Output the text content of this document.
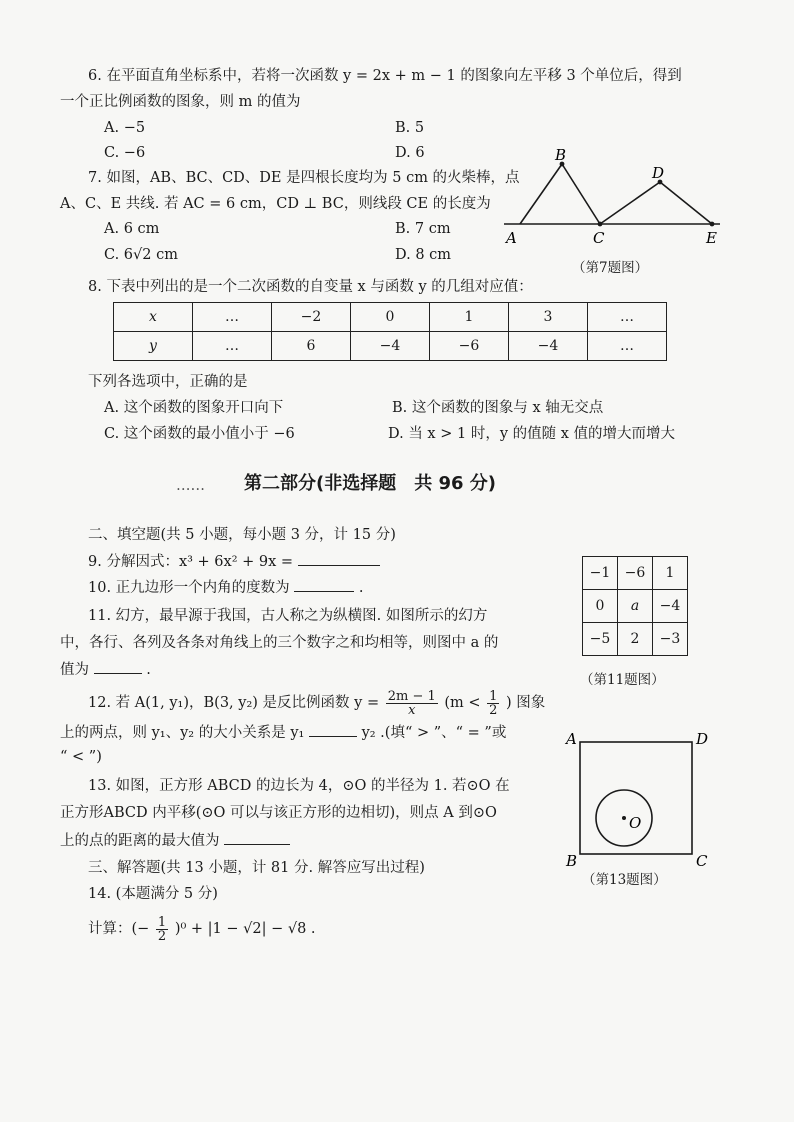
6. 在平面直角坐标系中，若将一次函数 y = 2x + m − 1 的图象向左平移 3 个单位后，得到
一个正比例函数的图象，则 m 的值为
A. −5	B. 5
C. −6	D. 6
7. 如图，AB、BC、CD、DE 是四根长度均为 5 cm 的火柴棒，点
A、C、E 共线. 若 AC = 6 cm，CD ⊥ BC，则线段 CE 的长度为
A. 6 cm	B. 7 cm
C. 6√2 cm	D. 8 cm
A
B
C
D
E
（第7题图）
8. 下表中列出的是一个二次函数的自变量 x 与函数 y 的几组对应值：
x	…	−2	0	1	3	…
y	…	6	−4	−6	−4	…
下列各选项中，正确的是
A. 这个函数的图象开口向下	B. 这个函数的图象与 x 轴无交点
C. 这个函数的最小值小于 −6	D. 当 x > 1 时，y 的值随 x 值的增大而增大
…… 第二部分(非选择题　共 96 分)
二、填空题(共 5 小题，每小题 3 分，计 15 分)
9. 分解因式：x³ + 6x² + 9x =
10. 正九边形一个内角的度数为	.
11. 幻方，最早源于我国，古人称之为纵横图. 如图所示的幻方
中，各行、各列及各条对角线上的三个数字之和均相等，则图中 a 的
值为	.
−1	−6	1
0	a	−4
−5	2	−3
（第11题图）
12. 若 A(1, y₁)，B(3, y₂) 是反比例函数 $y = \frac{2m - 1}{x} (m < \frac{1}{2}$ ) 图象
上的两点，则 y₁、y₂ 的大小关系是 y₁	y₂ .(填“ > ”、“ = ”或
“ < ”)
13. 如图，正方形 ABCD 的边长为 4，⊙O 的半径为 1. 若⊙O 在
正方形ABCD 内平移(⊙O 可以与该正方形的边相切)，则点 A 到⊙O
上的点的距离的最大值为
A	D
B	C
O
（第13题图）
三、解答题(共 13 小题，计 81 分. 解答应写出过程)
14. (本题满分 5 分)
计算：(− $\frac{1}{2} )^0 + |1 - √2| - √8$ .
